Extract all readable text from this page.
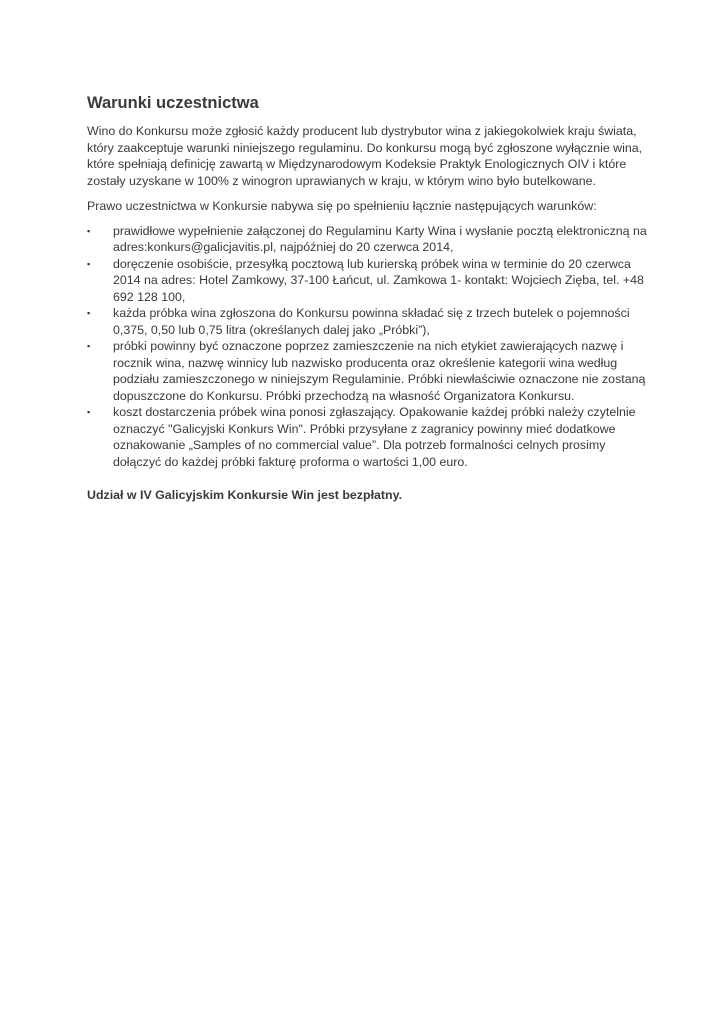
Warunki uczestnictwa

Wino do Konkursu może zgłosić każdy producent lub dystrybutor wina z jakiegokolwiek kraju świata,
który zaakceptuje warunki niniejszego regulaminu. Do konkursu mogą być zgłoszone wyłącznie wina,
które spełniają definicję zawartą w Międzynarodowym Kodeksie Praktyk Enologicznych OIV i które
zostały uzyskane w 100% z winogron uprawianych w kraju, w którym wino było butelkowane.

Prawo uczestnictwa w Konkursie nabywa się po spełnieniu łącznie następujących warunków:

▪	prawidłowe wypełnienie załączonej do Regulaminu Karty Wina i wysłanie pocztą elektroniczną na
adres:konkurs@galicjavitis.pl, najpóźniej do 20 czerwca 2014,
▪	doręczenie osobiście, przesyłką pocztową lub kurierską próbek wina w terminie do 20 czerwca
2014 na adres: Hotel Zamkowy, 37-100 Łańcut, ul. Zamkowa 1- kontakt: Wojciech Zięba, tel. +48
692 128 100,
▪	każda próbka wina zgłoszona do Konkursu powinna składać się z trzech butelek o pojemności
0,375, 0,50 lub 0,75 litra (określanych dalej jako „Próbki”),
▪	próbki powinny być oznaczone poprzez zamieszczenie na nich etykiet zawierających nazwę i
rocznik wina, nazwę winnicy lub nazwisko producenta oraz określenie kategorii wina według
podziału zamieszczonego w niniejszym Regulaminie. Próbki niewłaściwie oznaczone nie zostaną
dopuszczone do Konkursu. Próbki przechodzą na własność Organizatora Konkursu.
▪	koszt dostarczenia próbek wina ponosi zgłaszający. Opakowanie każdej próbki należy czytelnie
oznaczyć "Galicyjski Konkurs Win". Próbki przysyłane z zagranicy powinny mieć dodatkowe
oznakowanie „Samples of no commercial value”. Dla potrzeb formalności celnych prosimy
dołączyć do każdej próbki fakturę proforma o wartości 1,00 euro.

Udział w IV Galicyjskim Konkursie Win jest bezpłatny.
